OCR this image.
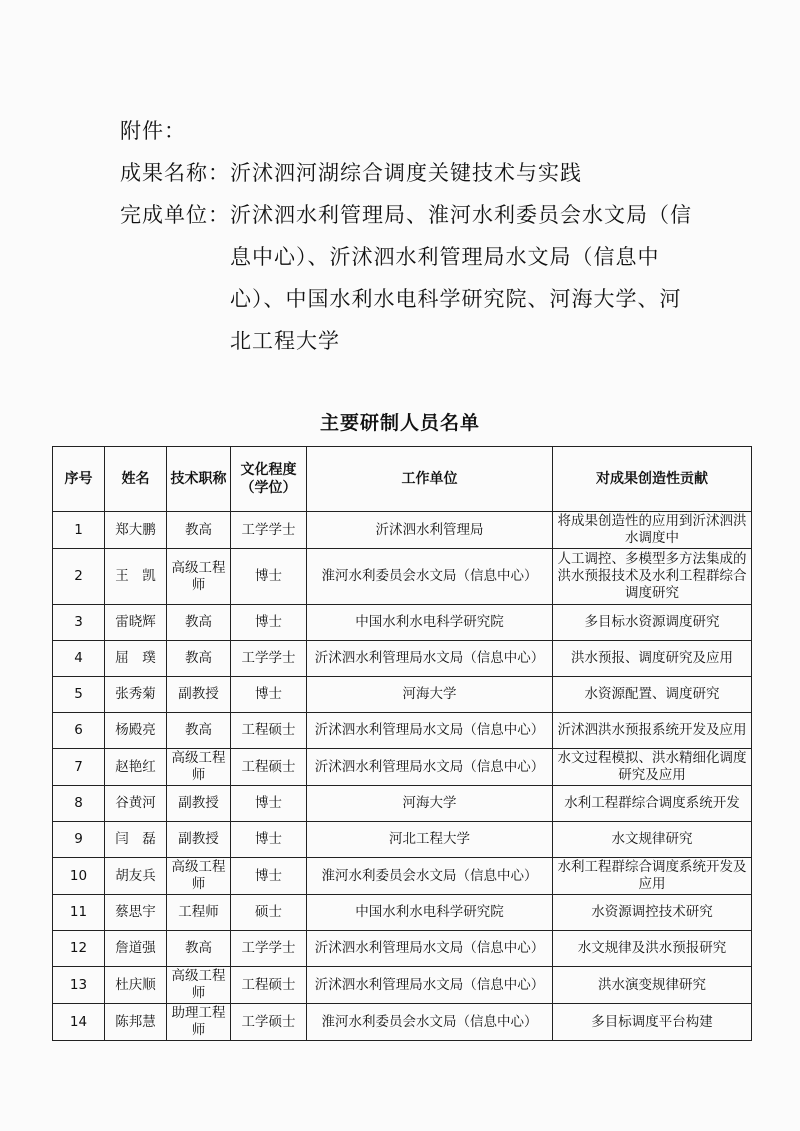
附件：
成果名称： 沂沭泗河湖综合调度关键技术与实践
完成单位： 沂沭泗水利管理局、淮河水利委员会水文局（信息中心）、沂沭泗水利管理局水文局（信息中心）、中国水利水电科学研究院、河海大学、河北工程大学
主要研制人员名单
序号	姓名	技术职称	文化程度（学位）	工作单位	对成果创造性贡献
1	郑大鹏	教高	工学学士	沂沭泗水利管理局	将成果创造性的应用到沂沭泗洪水调度中
2	王　凯	高级工程师	博士	淮河水利委员会水文局（信息中心）	人工调控、多模型多方法集成的洪水预报技术及水利工程群综合调度研究
3	雷晓辉	教高	博士	中国水利水电科学研究院	多目标水资源调度研究
4	屈　璞	教高	工学学士	沂沭泗水利管理局水文局（信息中心）	洪水预报、调度研究及应用
5	张秀菊	副教授	博士	河海大学	水资源配置、调度研究
6	杨殿亮	教高	工程硕士	沂沭泗水利管理局水文局（信息中心）	沂沭泗洪水预报系统开发及应用
7	赵艳红	高级工程师	工程硕士	沂沭泗水利管理局水文局（信息中心）	水文过程模拟、洪水精细化调度研究及应用
8	谷黄河	副教授	博士	河海大学	水利工程群综合调度系统开发
9	闫　磊	副教授	博士	河北工程大学	水文规律研究
10	胡友兵	高级工程师	博士	淮河水利委员会水文局（信息中心）	水利工程群综合调度系统开发及应用
11	蔡思宇	工程师	硕士	中国水利水电科学研究院	水资源调控技术研究
12	詹道强	教高	工学学士	沂沭泗水利管理局水文局（信息中心）	水文规律及洪水预报研究
13	杜庆顺	高级工程师	工程硕士	沂沭泗水利管理局水文局（信息中心）	洪水演变规律研究
14	陈邦慧	助理工程师	工学硕士	淮河水利委员会水文局（信息中心）	多目标调度平台构建
